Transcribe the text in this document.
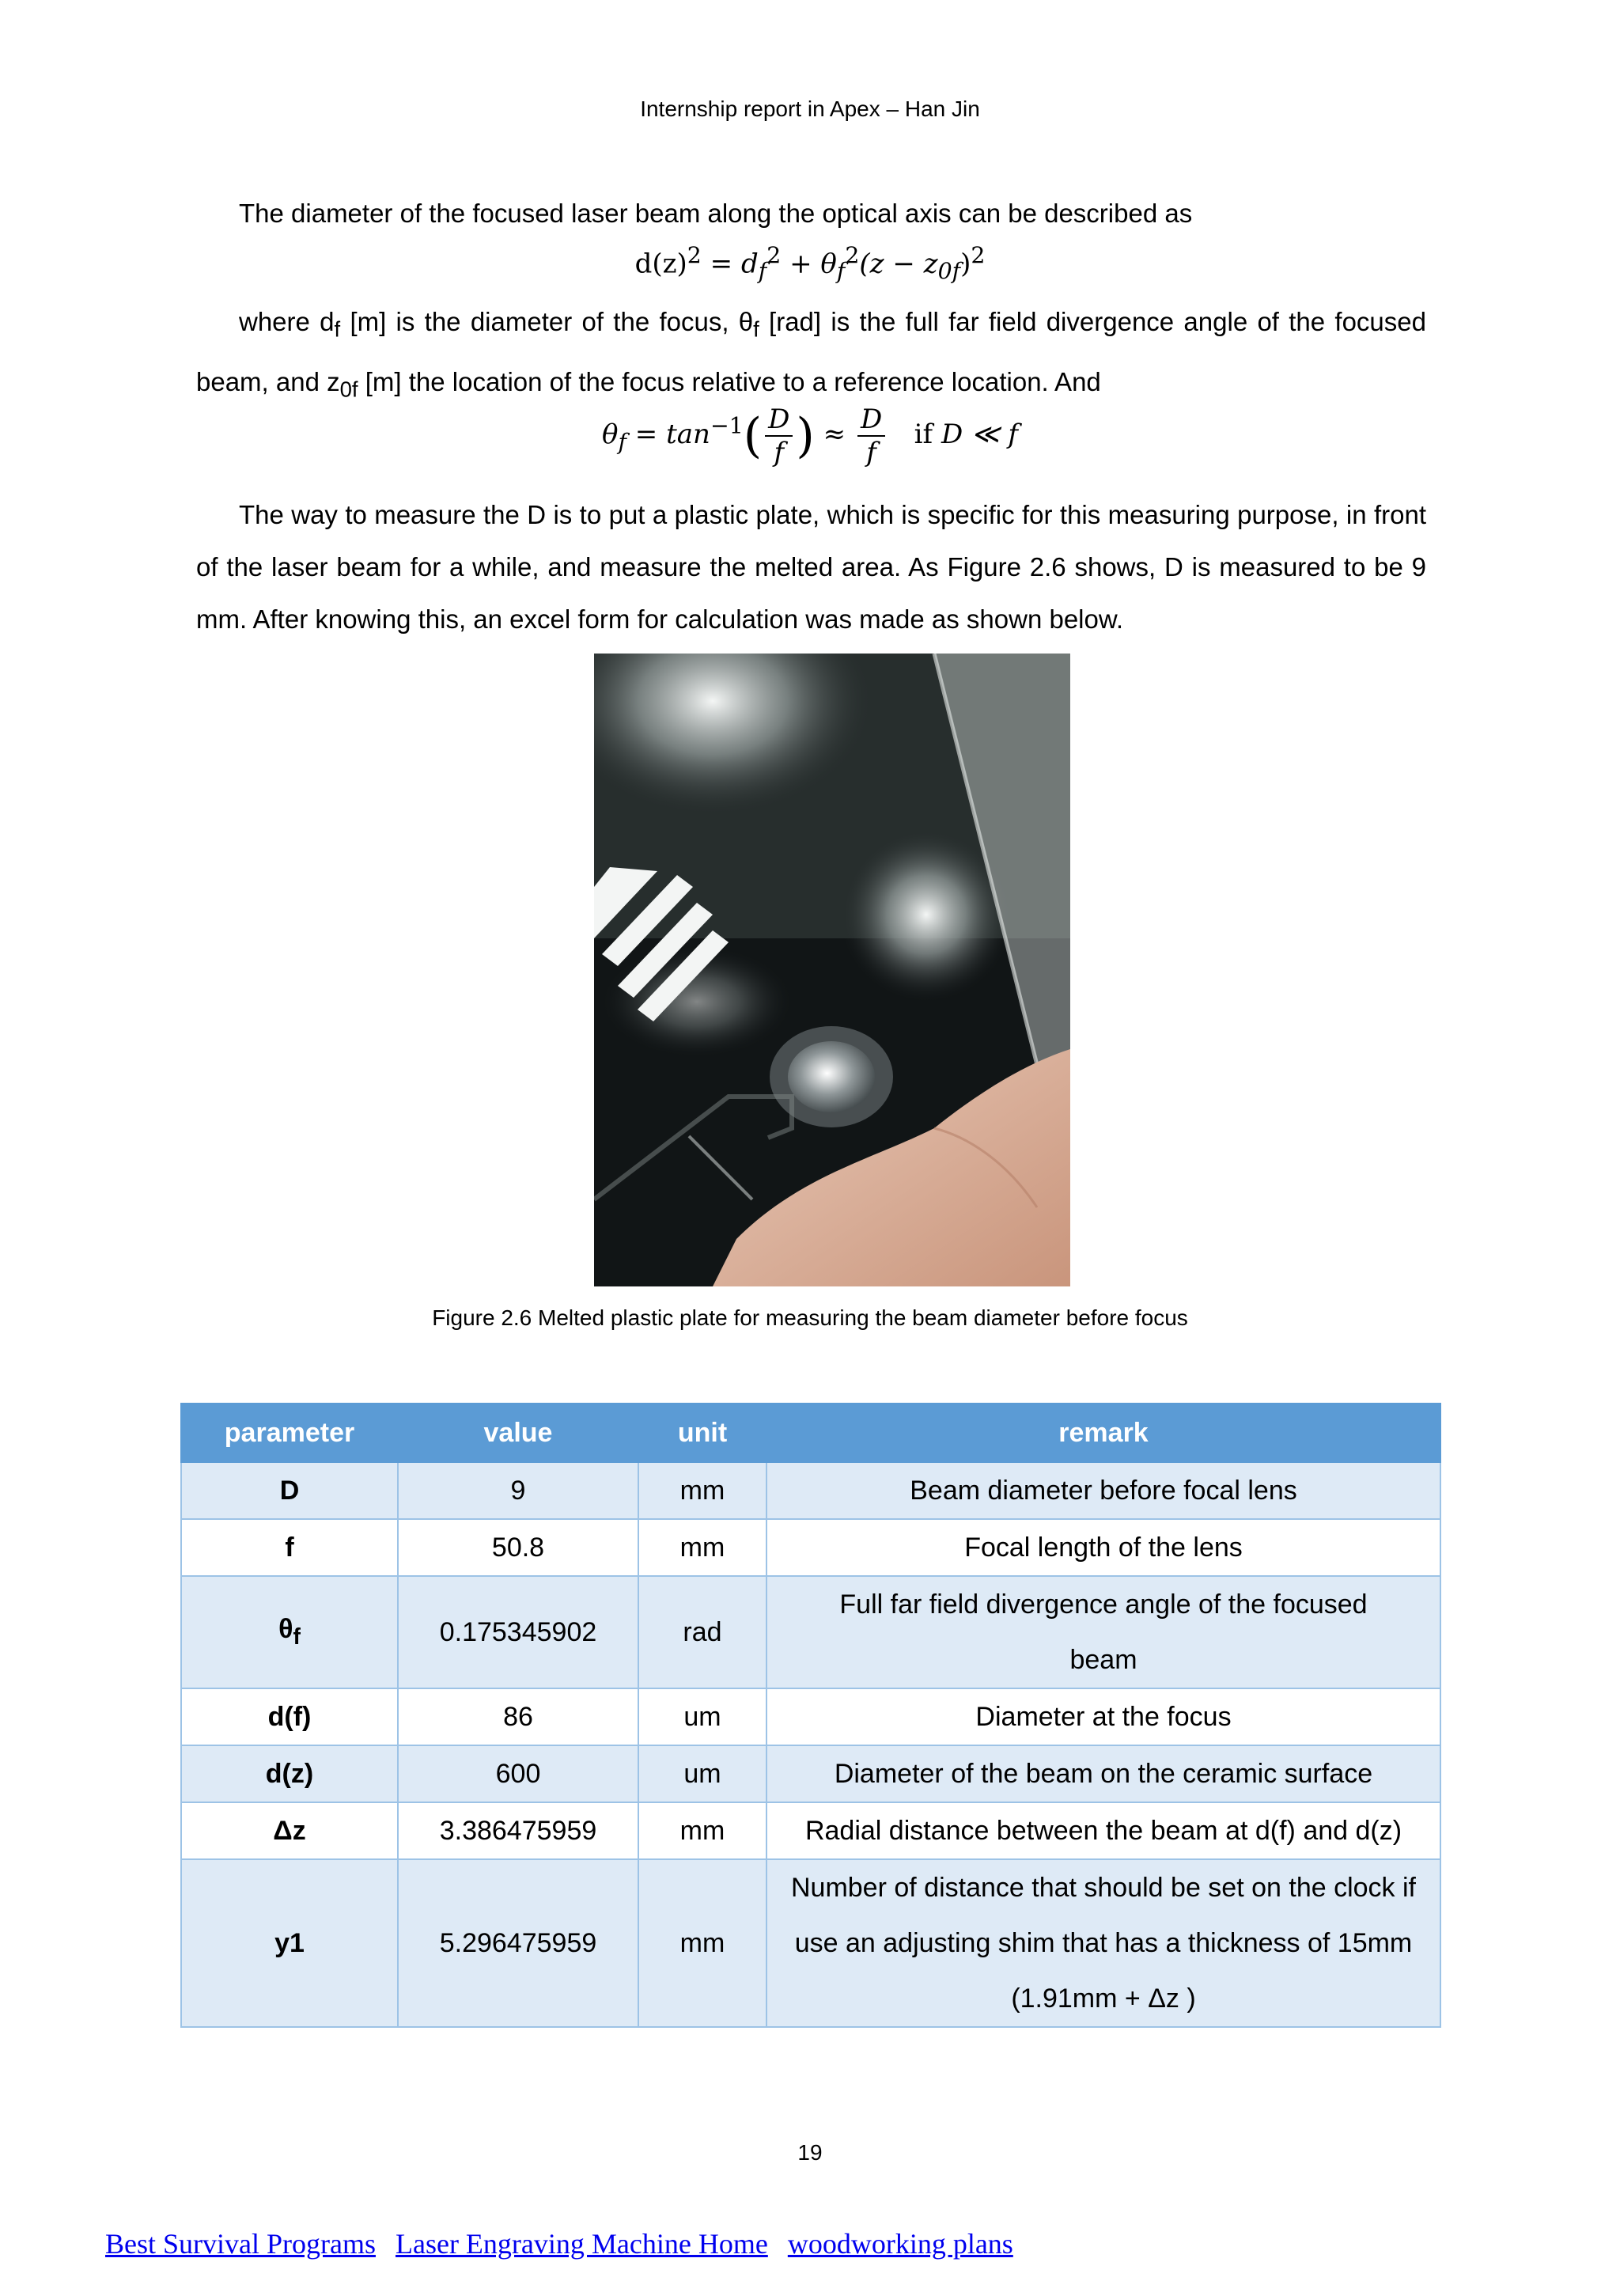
Internship report in Apex – Han Jin
The diameter of the focused laser beam along the optical axis can be described as
$d(z)^2 = d_f^2 + \theta_f^2(z - z_{0f})^2$
where $d_f$ [m] is the diameter of the focus, $\theta_f$ [rad] is the full far field divergence angle of the focused beam, and $z_{0f}$ [m] the location of the focus relative to a reference location. And
$\theta_f = \tan^{-1}( \frac{D}{f}$ ) ≈ $\frac{D}{f}$ if D ≪ f
The way to measure the D is to put a plastic plate, which is specific for this measuring purpose, in front of the laser beam for a while, and measure the melted area. As Figure 2.6 shows, D is measured to be 9 mm. After knowing this, an excel form for calculation was made as shown below.
Figure 2.6 Melted plastic plate for measuring the beam diameter before focus
parameter	value	unit	remark
D	9	mm	Beam diameter before focal lens
f	50.8	mm	Focal length of the lens
$\theta_f$	0.175345902	rad	Full far field divergence angle of the focused beam
d(f)	86	um	Diameter at the focus
d(z)	600	um	Diameter of the beam on the ceramic surface
Δz	3.386475959	mm	Radial distance between the beam at d(f) and d(z)
y1	5.296475959	mm	Number of distance that should be set on the clock if use an adjusting shim that has a thickness of 15mm (1.91mm + Δz )
19
Best Survival Programs Laser Engraving Machine Home woodworking plans
